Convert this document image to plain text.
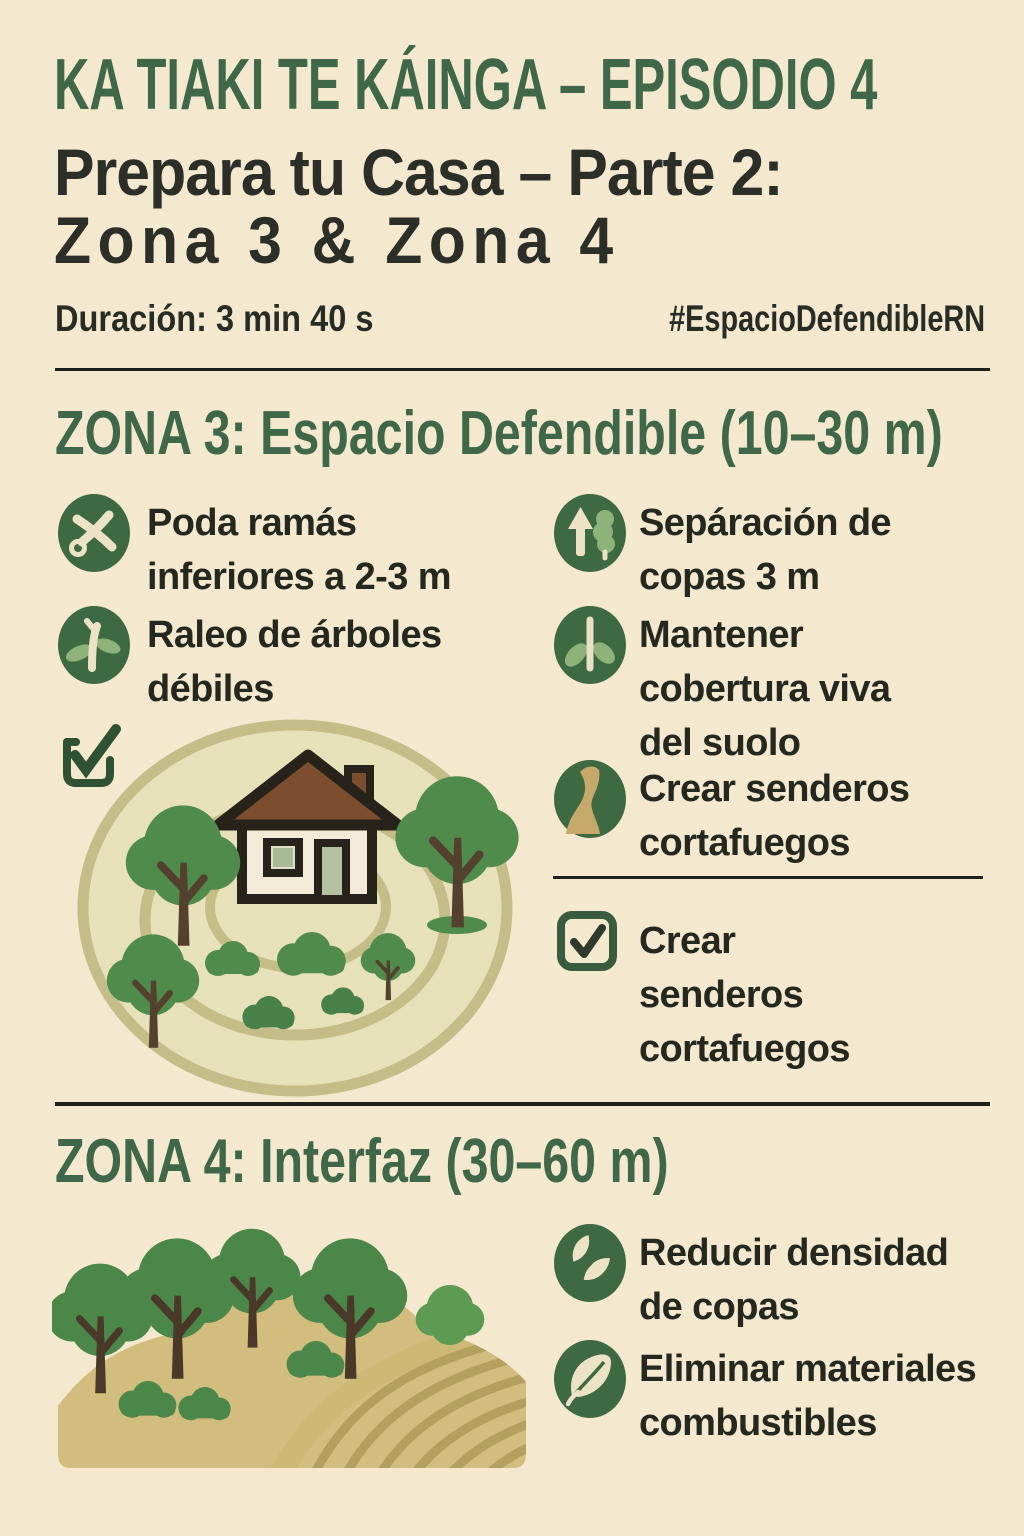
KA TIAKI TE KÁINGA – EPISODIO 4
Prepara tu Casa – Parte 2:
Zona 3 & Zona 4
Duración: 3 min 40 s	#EspacioDefendibleRN
ZONA 3: Espacio Defendible (10–30 m)
Poda ramás inferiores a 2-3 m
Raleo de árboles débiles
Sepáración de copas 3 m
Mantener cobertura viva del suolo
Crear senderos cortafuegos
Crear senderos cortafuegos
ZONA 4: Interfaz (30–60 m)
Reducir densidad de copas
Eliminar materiales combustibles
